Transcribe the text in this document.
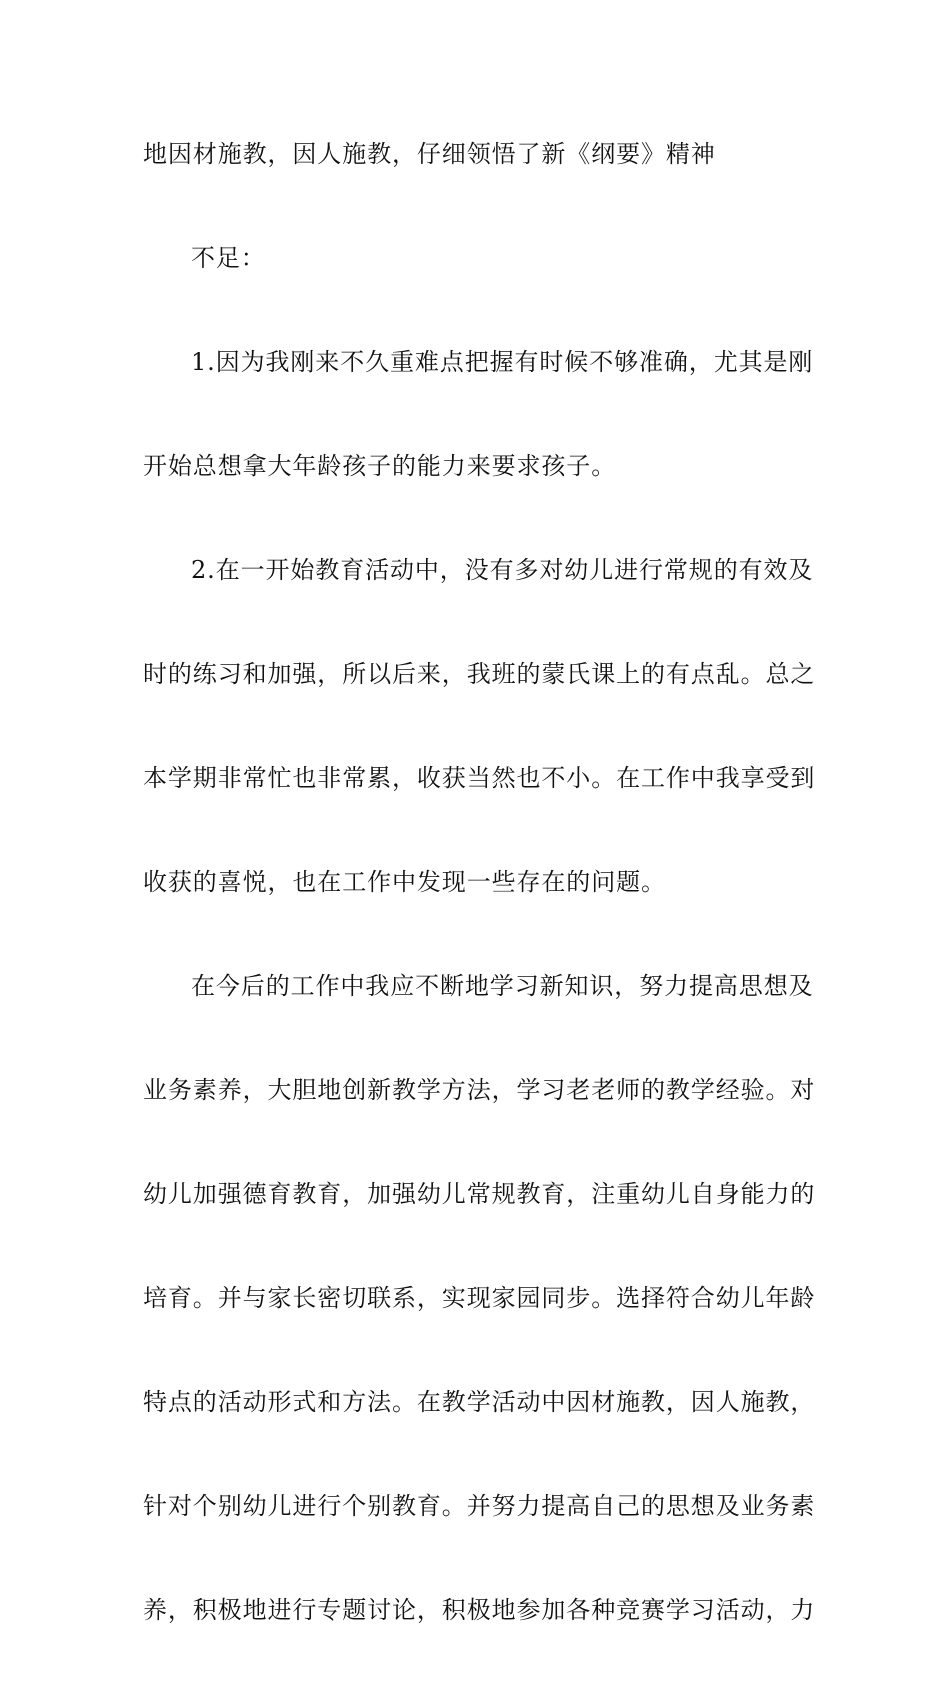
地因材施教，因人施教，仔细领悟了新《纲要》精神
不足：
1.因为我刚来不久重难点把握有时候不够准确，尤其是刚
开始总想拿大年龄孩子的能力来要求孩子。
2.在一开始教育活动中，没有多对幼儿进行常规的有效及
时的练习和加强，所以后来，我班的蒙氏课上的有点乱。总之
本学期非常忙也非常累，收获当然也不小。在工作中我享受到
收获的喜悦，也在工作中发现一些存在的问题。
在今后的工作中我应不断地学习新知识，努力提高思想及
业务素养，大胆地创新教学方法，学习老老师的教学经验。对
幼儿加强德育教育，加强幼儿常规教育，注重幼儿自身能力的
培育。并与家长密切联系，实现家园同步。选择符合幼儿年龄
特点的活动形式和方法。在教学活动中因材施教，因人施教，
针对个别幼儿进行个别教育。并努力提高自己的思想及业务素
养，积极地进行专题讨论，积极地参加各种竞赛学习活动，力
